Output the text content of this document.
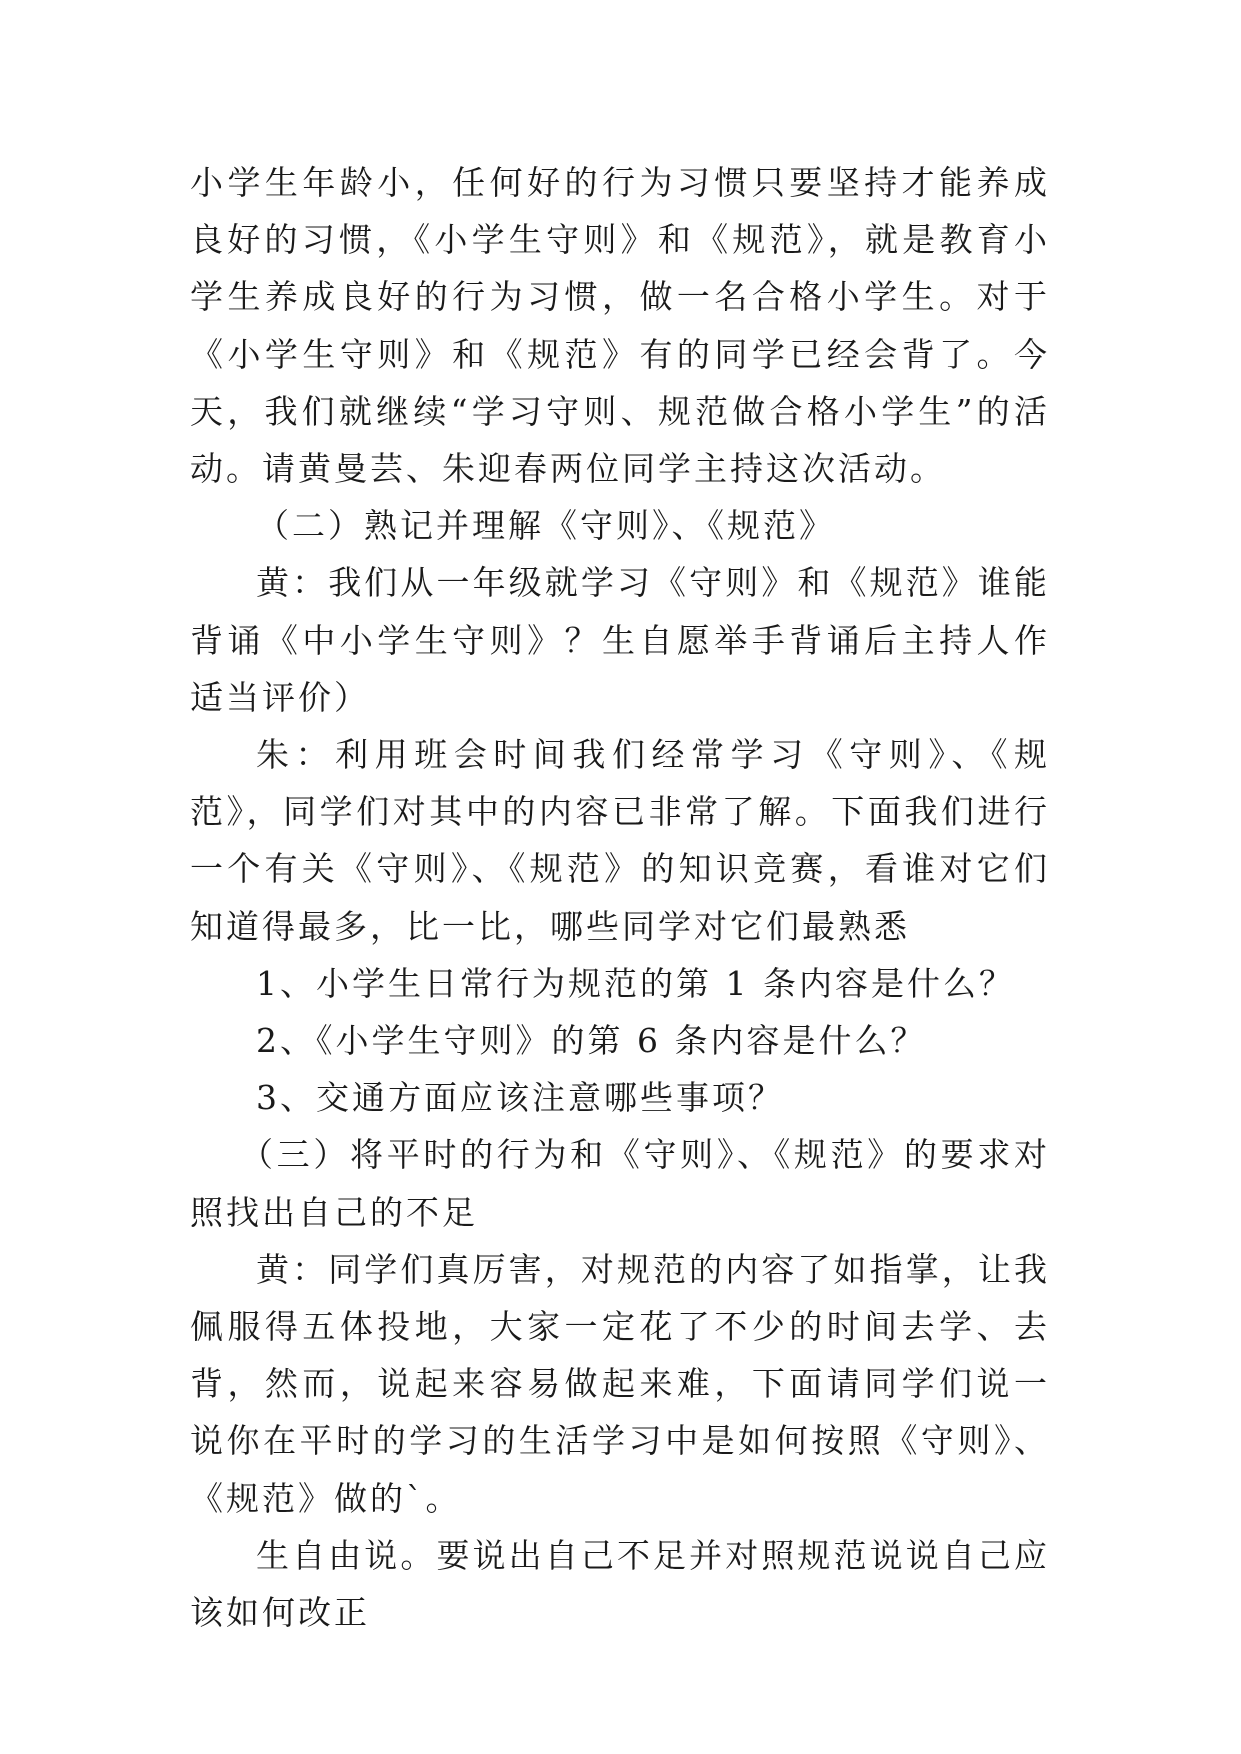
小学生年龄小，任何好的行为习惯只要坚持才能养成良好的习惯，《小学生守则》和《规范》，就是教育小学生养成良好的行为习惯，做一名合格小学生。对于《小学生守则》和《规范》有的同学已经会背了。今天，我们就继续“学习守则、规范做合格小学生”的活动。请黄曼芸、朱迎春两位同学主持这次活动。

（二）熟记并理解《守则》、《规范》

黄：我们从一年级就学习《守则》和《规范》谁能背诵《中小学生守则》？生自愿举手背诵后主持人作适当评价）

朱：利用班会时间我们经常学习《守则》、《规范》，同学们对其中的内容已非常了解。下面我们进行一个有关《守则》、《规范》的知识竞赛，看谁对它们知道得最多，比一比，哪些同学对它们最熟悉

1、小学生日常行为规范的第 1 条内容是什么？

2、《小学生守则》的第 6 条内容是什么？

3、交通方面应该注意哪些事项？

（三）将平时的行为和《守则》、《规范》的要求对照找出自己的不足

黄：同学们真厉害，对规范的内容了如指掌，让我佩服得五体投地，大家一定花了不少的时间去学、去背，然而，说起来容易做起来难，下面请同学们说一说你在平时的学习的生活学习中是如何按照《守则》、《规范》做的`。

生自由说。要说出自己不足并对照规范说说自己应该如何改正
